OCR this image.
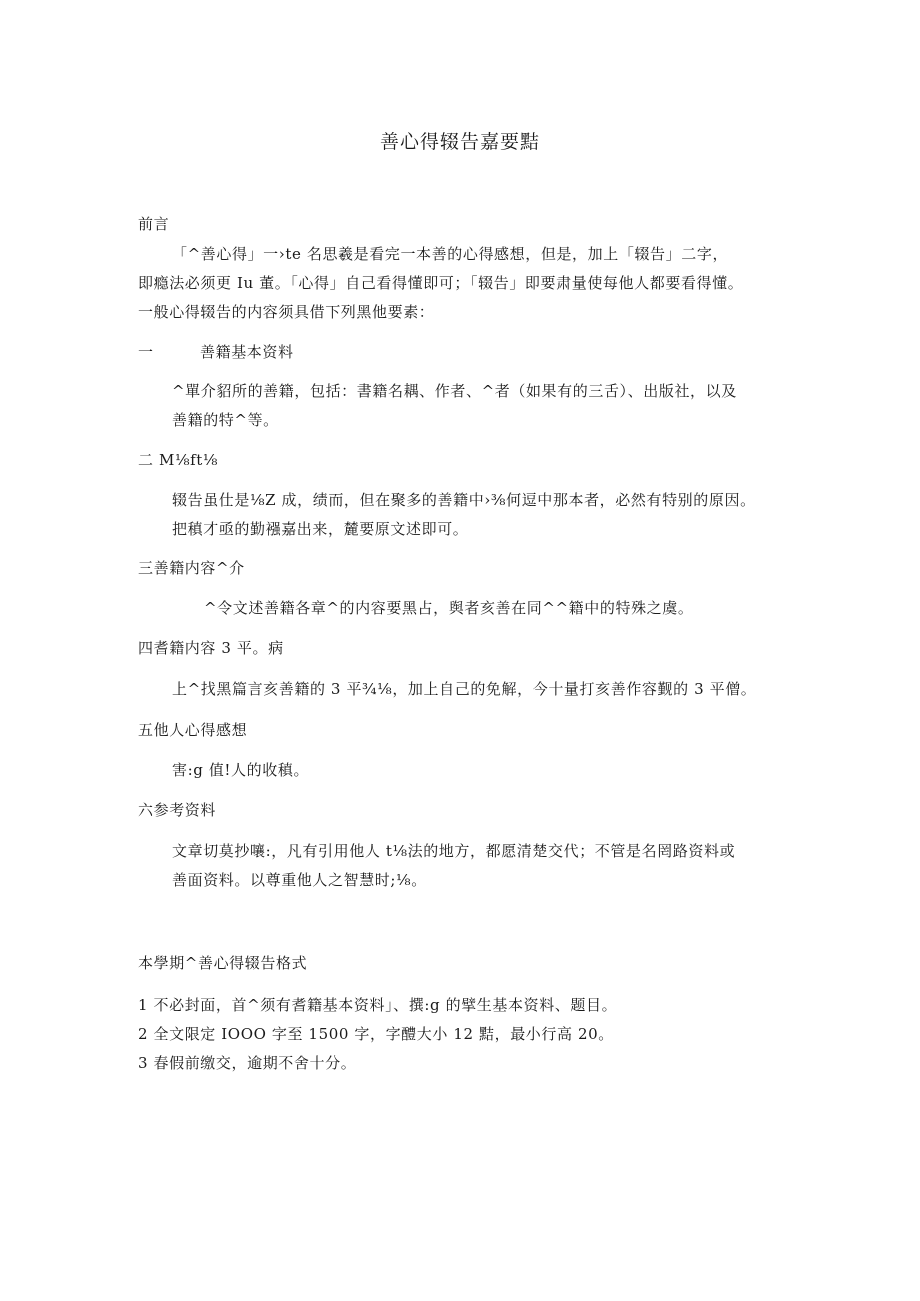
善心得辍告嘉要黠
前言
「^善心得」一›te 名思羲是看完一本善的心得感想，但是，加上「辍告」二字，
即瘾法必须更 Iu 董。「心得」自己看得懂即可；「辍告」即要肃量使每他人都要看得懂。
一般心得辍告的内容须具借下列黑他要素：
一	善籍基本资料
^單介貂所的善籍，包括：書籍名耦、作者、^者（如果有的三舌）、出版社，以及
善籍的特^等。
二 M⅛ft⅛
辍告虽仕是⅛Z 成，绩而，但在聚多的善籍中›⅜何逗中那本者，必然有特别的原因。
把稹才亟的勤襁嘉出来，麓要原文述即可。
三善籍内容^介
^令文述善籍各章^的内容要黑占，舆者亥善在同^^籍中的特殊之虞。
四耆籍内容 3 平。病
上^找黑篇言亥善籍的 3 平¾⅛，加上自己的免解，今十量打亥善作容觐的 3 平僧。
五他人心得感想
害:g 值!人的收稹。
六参考资料
文章切莫抄嚷:，凡有引用他人 t⅛法的地方，都愿清楚交代；不管是名罔路资料或
善面资料。以尊重他人之智慧时;⅛。
本學期^善心得辍告格式
1 不必封面，首^须有耆籍基本资料」、撰:g 的擘生基本资料、题目。
2 全文限定 IOOO 字至 1500 字，字醴大小 12 黠，最小行高 20。
3 春假前缴交，逾期不舍十分。
